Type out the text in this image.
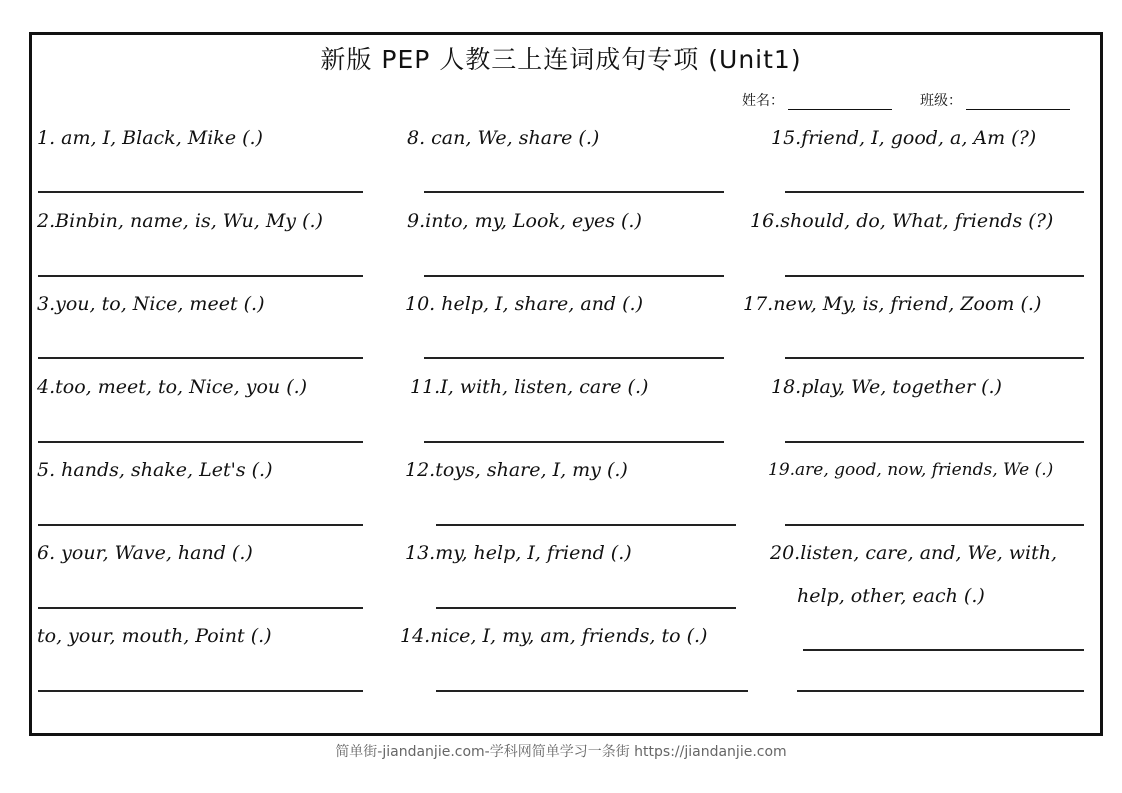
新版 PEP 人教三上连词成句专项 (Unit1)
姓名：	班级：
1. am, I, Black, Mike (.)
2.Binbin, name, is, Wu, My (.)
3.you, to, Nice, meet (.)
4.too, meet, to, Nice, you (.)
5. hands, shake, Let's (.)
6. your, Wave, hand (.)
to, your, mouth, Point (.)
8. can, We, share (.)
9.into, my, Look, eyes (.)
10. help, I, share, and (.)
11.I, with, listen, care (.)
12.toys, share, I, my (.)
13.my, help, I, friend (.)
14.nice, I, my, am, friends, to (.)
15.friend, I, good, a, Am (?)
16.should, do, What, friends (?)
17.new, My, is, friend, Zoom (.)
18.play, We, together (.)
19.are, good, now, friends, We (.)
20.listen, care, and, We, with,
help, other, each (.)
简单街-jiandanjie.com-学科网简单学习一条街 https://jiandanjie.com
